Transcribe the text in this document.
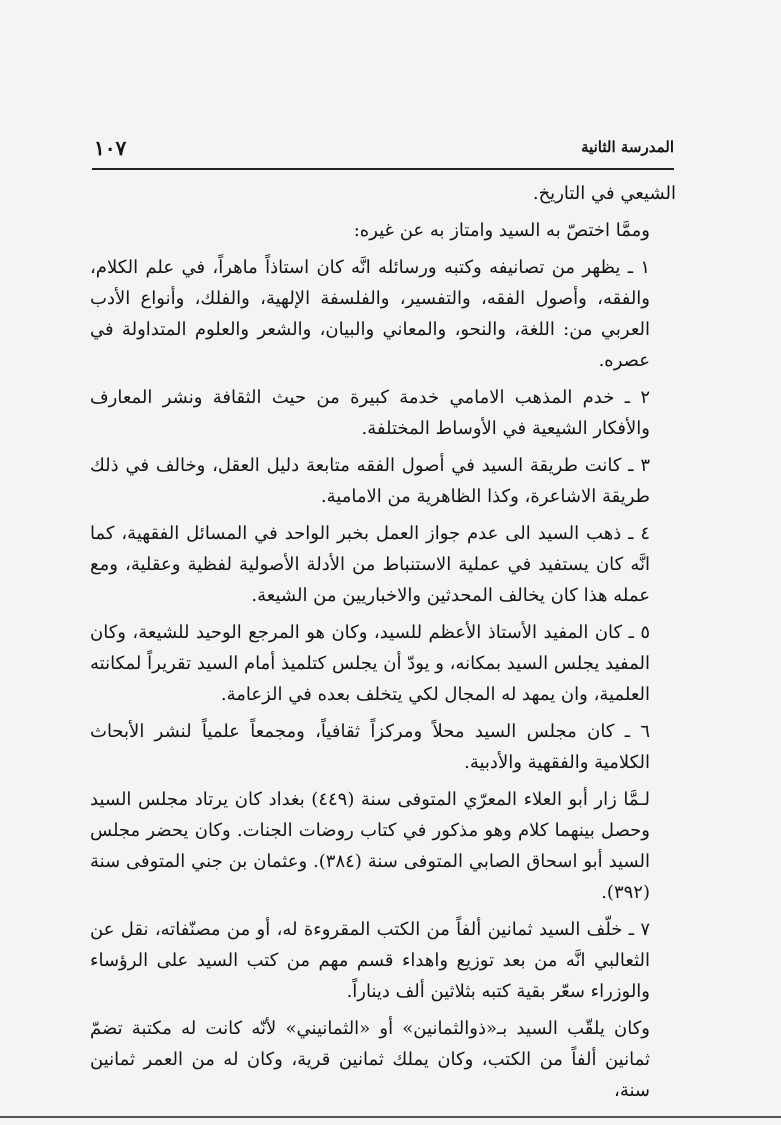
المدرسة الثانية
١٠٧

الشيعي في التاريخ.

وممَّا اختصّ به السيد وامتاز به عن غيره:

١ ـ يظهر من تصانيفه وكتبه ورسائله انَّه كان استاذاً ماهراً، في علم الكلام، والفقه، وأصول الفقه، والتفسير، والفلسفة الإلهية، والفلك، وأنواع الأدب العربي من: اللغة، والنحو، والمعاني والبيان، والشعر والعلوم المتداولة في عصره.

٢ ـ خدم المذهب الامامي خدمة كبيرة من حيث الثقافة ونشر المعارف والأفكار الشيعية في الأوساط المختلفة.

٣ ـ كانت طريقة السيد في أصول الفقه متابعة دليل العقل، وخالف في ذلك طريقة الاشاعرة، وكذا الظاهرية من الامامية.

٤ ـ ذهب السيد الى عدم جواز العمل بخبر الواحد في المسائل الفقهية، كما انَّه كان يستفيد في عملية الاستنباط من الأدلة الأصولية لفظية وعقلية، ومع عمله هذا كان يخالف المحدثين والاخباريين من الشيعة.

٥ ـ كان المفيد الأستاذ الأعظم للسيد، وكان هو المرجع الوحيد للشيعة، وكان المفيد يجلس السيد بمكانه، و يودّ أن يجلس كتلميذ أمام السيد تقريراً لمكانته العلمية، وان يمهد له المجال لكي يتخلف بعده في الزعامة.

٦ ـ كان مجلس السيد محلاً ومركزاً ثقافياً، ومجمعاً علمياً لنشر الأبحاث الكلامية والفقهية والأدبية.

لـمَّا زار أبو العلاء المعرّي المتوفى سنة (٤٤٩) بغداد كان يرتاد مجلس السيد وحصل بينهما كلام وهو مذكور في كتاب روضات الجنات. وكان يحضر مجلس السيد أبو اسحاق الصابي المتوفى سنة (٣٨٤). وعثمان بن جني المتوفى سنة (٣٩٢).

٧ ـ خلّف السيد ثمانين ألفاً من الكتب المقروءة له، أو من مصنّفاته، نقل عن الثعالبي انَّه من بعد توزيع واهداء قسم مهم من كتب السيد على الرؤساء والوزراء سعّر بقية كتبه بثلاثين ألف ديناراً.

وكان يلقّب السيد بـ«ذوالثمانين» أو «الثمانيني» لأنّه كانت له مكتبة تضمّ ثمانين ألفاً من الكتب، وكان يملك ثمانين قرية، وكان له من العمر ثمانين سنة،
